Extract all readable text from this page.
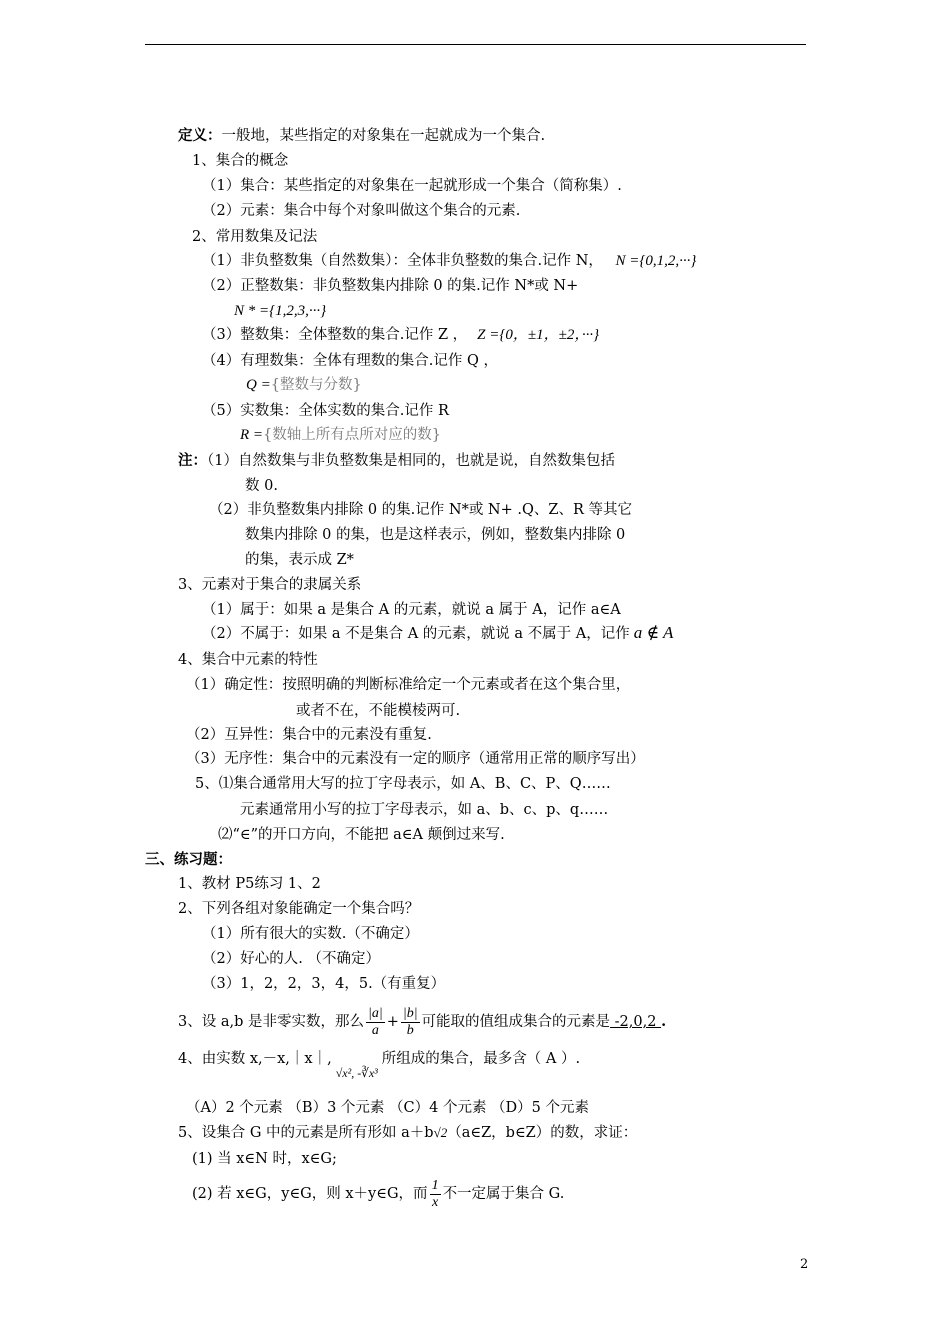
定义：一般地，某些指定的对象集在一起就成为一个集合.
1、集合的概念
（1）集合：某些指定的对象集在一起就形成一个集合（简称集）.
（2）元素：集合中每个对象叫做这个集合的元素.
2、常用数集及记法
（1）非负整数集（自然数集）：全体非负整数的集合.记作 N， N ={0,1,2,···}
（2）正整数集：非负整数集内排除 0 的集.记作 N*或 N+
N * ={1,2,3,···}
（3）整数集：全体整数的集合.记作 Z ， Z ={0，±1，±2，···}
（4）有理数集：全体有理数的集合.记作 Q ，
Q ={整数与分数}
（5）实数集：全体实数的集合.记作 R
R ={数轴上所有点所对应的数}
注：（1）自然数集与非负整数集是相同的，也就是说，自然数集包括
数 0.
（2）非负整数集内排除 0 的集.记作 N*或 N+ .Q、Z、R 等其它
数集内排除 0 的集，也是这样表示，例如，整数集内排除 0
的集，表示成 Z*
3、元素对于集合的隶属关系
（1）属于：如果 a 是集合 A 的元素，就说 a 属于 A，记作 a∈A
（2）不属于：如果 a 不是集合 A 的元素，就说 a 不属于 A，记作 a ∉ A
4、集合中元素的特性
（1）确定性：按照明确的判断标准给定一个元素或者在这个集合里，
或者不在，不能模棱两可.
（2）互异性：集合中的元素没有重复.
（3）无序性：集合中的元素没有一定的顺序（通常用正常的顺序写出）
5、⑴集合通常用大写的拉丁字母表示，如 A、B、C、P、Q……
元素通常用小写的拉丁字母表示，如 a、b、c、p、q……
⑵“∈”的开口方向，不能把 a∈A 颠倒过来写.
三、练习题：
1、教材 P5练习 1、2
2、下列各组对象能确定一个集合吗？
（1）所有很大的实数.（不确定）
（2）好心的人. （不确定）
（3）1，2，2，3，4，5.（有重复）
3、设 a,b 是非零实数，那么 $\frac{|a|}{a} + \frac{|b|}{b}$ 可能取的值组成集合的元素是 -2,0,2 .
4、由实数 $x,-x,|x|,_{√x^2, -∛x^3}$所组成的集合，最多含（ A ）.
（A）2 个元素 （B）3 个元素 （C）4 个元素 （D）5 个元素
5、设集合 G 中的元素是所有形如 a＋b√2（a∈Z，b∈Z）的数，求证：
(1) 当 x∈N 时，x∈G;
(2) 若 x∈G，y∈G，则 x＋y∈G，而 $\frac{1}{x}$ 不一定属于集合 G.
2
